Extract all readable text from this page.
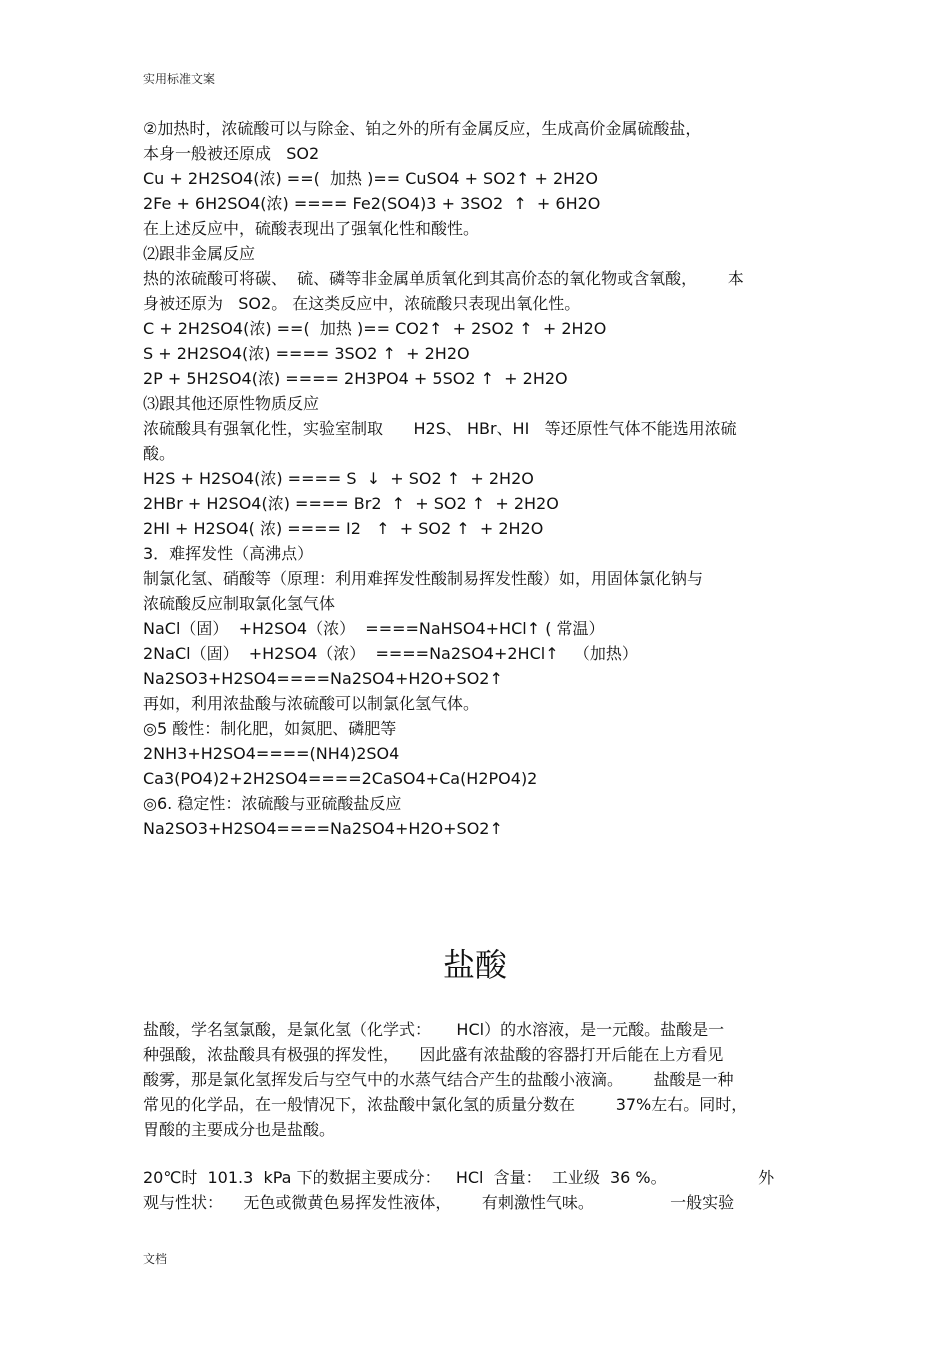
实用标准文案
②加热时，浓硫酸可以与除金、铂之外的所有金属反应，生成高价金属硫酸盐，
本身一般被还原成   SO2
Cu + 2H2SO4(浓) ==(  加热 )== CuSO4 + SO2↑ + 2H2O
2Fe + 6H2SO4(浓) ==== Fe2(SO4)3 + 3SO2  ↑  + 6H2O
在上述反应中，硫酸表现出了强氧化性和酸性。
⑵跟非金属反应
热的浓硫酸可将碳、  硫、磷等非金属单质氧化到其高价态的氧化物或含氧酸，      本
身被还原为   SO2。 在这类反应中，浓硫酸只表现出氧化性。
C + 2H2SO4(浓) ==(  加热 )== CO2↑  + 2SO2 ↑  + 2H2O
S + 2H2SO4(浓) ==== 3SO2 ↑  + 2H2O
2P + 5H2SO4(浓) ==== 2H3PO4 + 5SO2 ↑  + 2H2O
⑶跟其他还原性物质反应
浓硫酸具有强氧化性，实验室制取      H2S、 HBr、HI   等还原性气体不能选用浓硫
酸。
H2S + H2SO4(浓) ==== S  ↓  + SO2 ↑  + 2H2O
2HBr + H2SO4(浓) ==== Br2  ↑  + SO2 ↑  + 2H2O
2HI + H2SO4( 浓) ==== I2   ↑  + SO2 ↑  + 2H2O
3．难挥发性（高沸点）
制氯化氢、硝酸等（原理：利用难挥发性酸制易挥发性酸）如，用固体氯化钠与
浓硫酸反应制取氯化氢气体
NaCl（固）  +H2SO4（浓）  ====NaHSO4+HCl↑ ( 常温）
2NaCl（固）  +H2SO4（浓）  ====Na2SO4+2HCl↑   （加热）
Na2SO3+H2SO4====Na2SO4+H2O+SO2↑
再如，利用浓盐酸与浓硫酸可以制氯化氢气体。
◎5 酸性：制化肥，如氮肥、磷肥等
2NH3+H2SO4====(NH4)2SO4
Ca3(PO4)2+2H2SO4====2CaSO4+Ca(H2PO4)2
◎6. 稳定性：浓硫酸与亚硫酸盐反应
Na2SO3+H2SO4====Na2SO4+H2O+SO2↑
盐酸
盐酸，学名氢氯酸，是氯化氢（化学式：     HCl）的水溶液，是一元酸。盐酸是一
种强酸，浓盐酸具有极强的挥发性，    因此盛有浓盐酸的容器打开后能在上方看见
酸雾，那是氯化氢挥发后与空气中的水蒸气结合产生的盐酸小液滴。      盐酸是一种
常见的化学品，在一般情况下，浓盐酸中氯化氢的质量分数在        37%左右。同时，
胃酸的主要成分也是盐酸。
20℃时  101.3  kPa 下的数据主要成分：   HCl  含量：  工业级  36 %。                  外
观与性状：    无色或微黄色易挥发性液体，      有刺激性气味。               一般实验
文档
